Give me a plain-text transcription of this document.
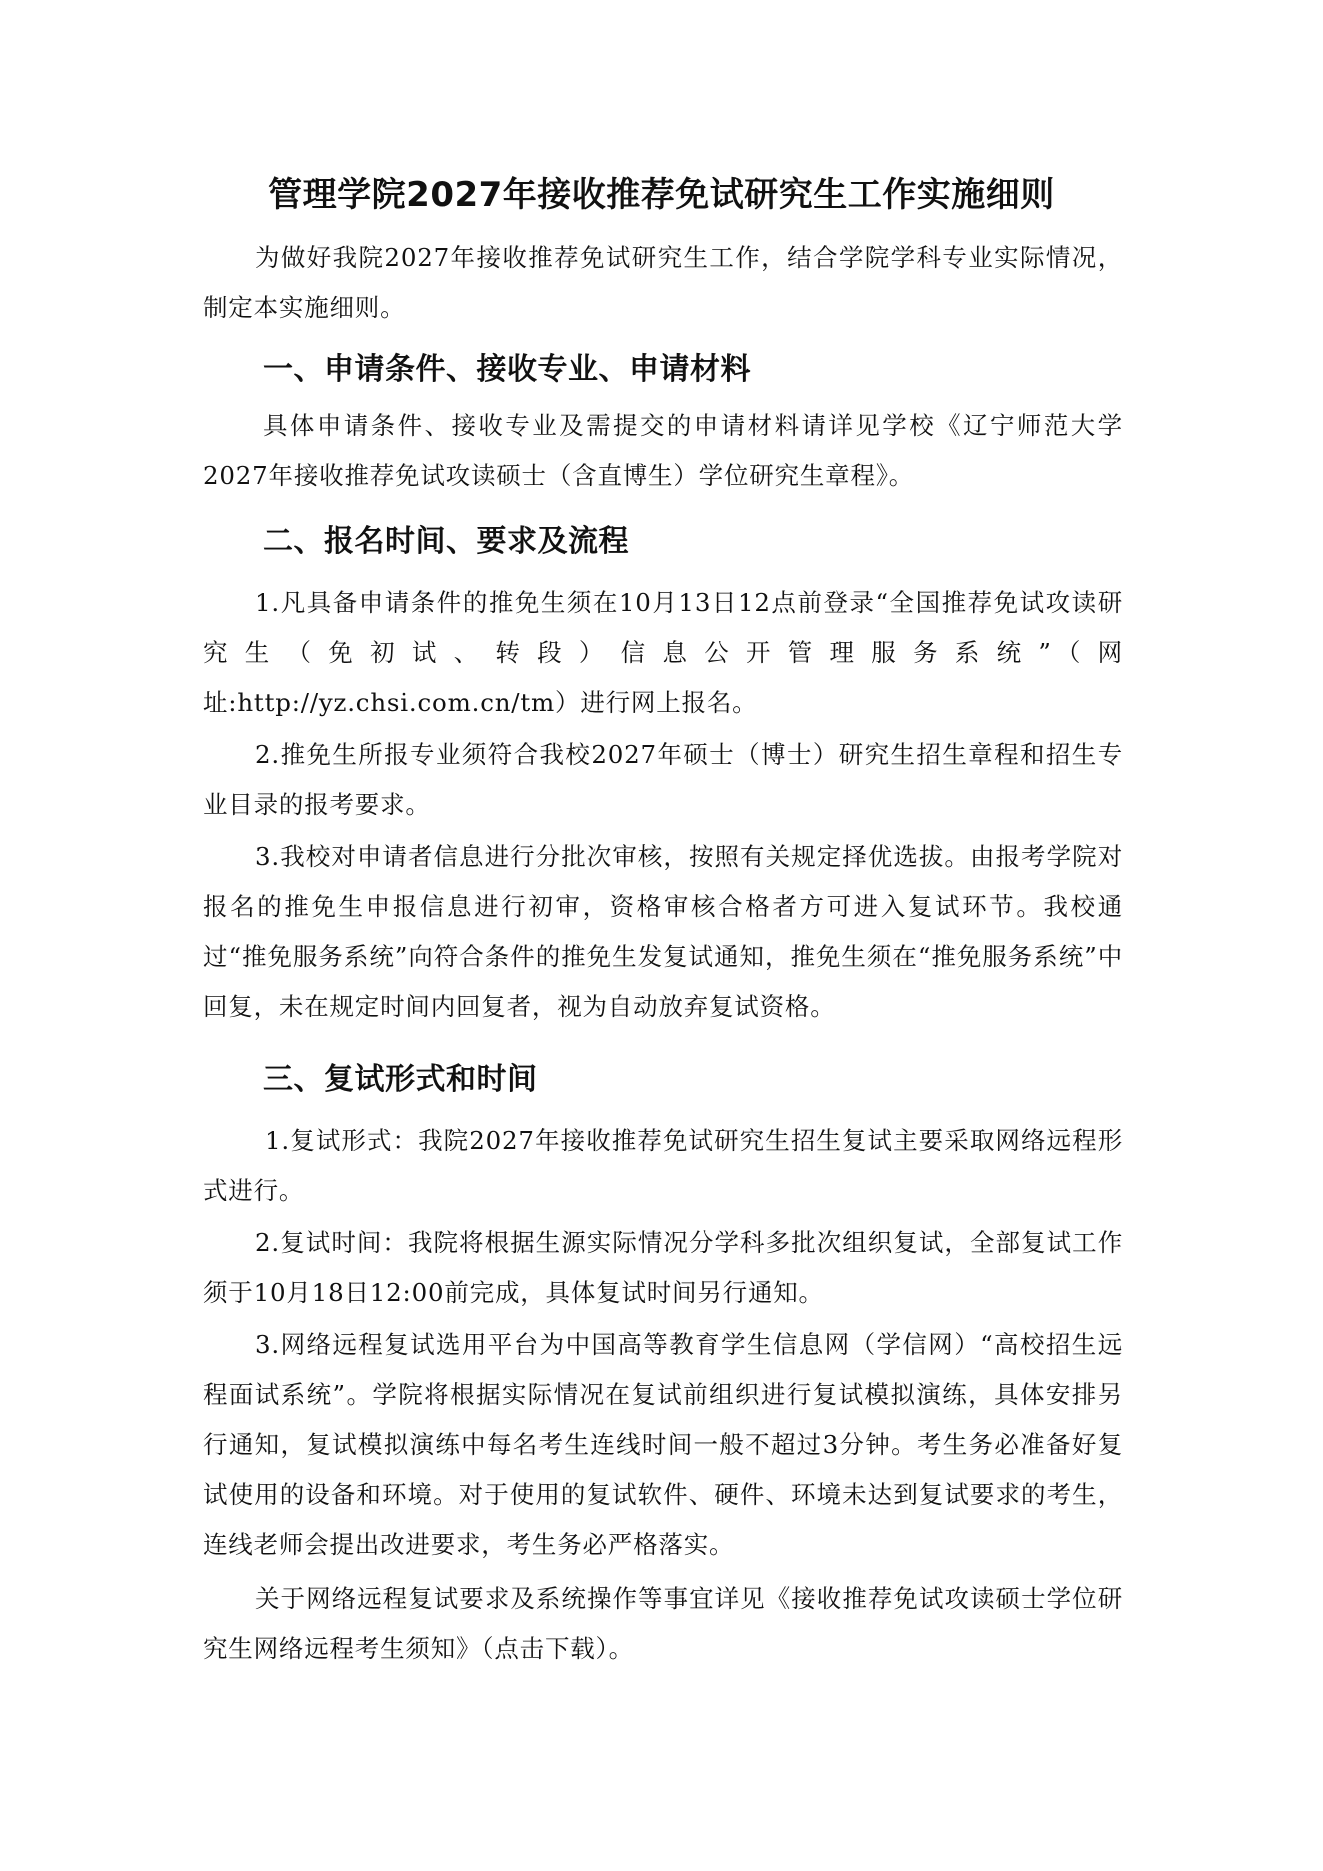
管理学院2027年接收推荐免试研究生工作实施细则
为做好我院2027年接收推荐免试研究生工作，结合学院学科专业实际情况，制定本实施细则。
一、申请条件、接收专业、申请材料
具体申请条件、接收专业及需提交的申请材料请详见学校《辽宁师范大学2027年接收推荐免试攻读硕士（含直博生）学位研究生章程》。
二、报名时间、要求及流程
1.凡具备申请条件的推免生须在10月13日12点前登录“全国推荐免试攻读研究生（免初试、转段）信息公开管理服务系统”（网址:http://yz.chsi.com.cn/tm）进行网上报名。
2.推免生所报专业须符合我校2027年硕士（博士）研究生招生章程和招生专业目录的报考要求。
3.我校对申请者信息进行分批次审核，按照有关规定择优选拔。由报考学院对报名的推免生申报信息进行初审，资格审核合格者方可进入复试环节。我校通过“推免服务系统”向符合条件的推免生发复试通知，推免生须在“推免服务系统”中回复，未在规定时间内回复者，视为自动放弃复试资格。
三、复试形式和时间
1.复试形式：我院2027年接收推荐免试研究生招生复试主要采取网络远程形式进行。
2.复试时间：我院将根据生源实际情况分学科多批次组织复试，全部复试工作须于10月18日12:00前完成，具体复试时间另行通知。
3.网络远程复试选用平台为中国高等教育学生信息网（学信网）“高校招生远程面试系统”。学院将根据实际情况在复试前组织进行复试模拟演练，具体安排另行通知，复试模拟演练中每名考生连线时间一般不超过3分钟。考生务必准备好复试使用的设备和环境。对于使用的复试软件、硬件、环境未达到复试要求的考生，连线老师会提出改进要求，考生务必严格落实。
关于网络远程复试要求及系统操作等事宜详见《接收推荐免试攻读硕士学位研究生网络远程考生须知》（点击下载）。
